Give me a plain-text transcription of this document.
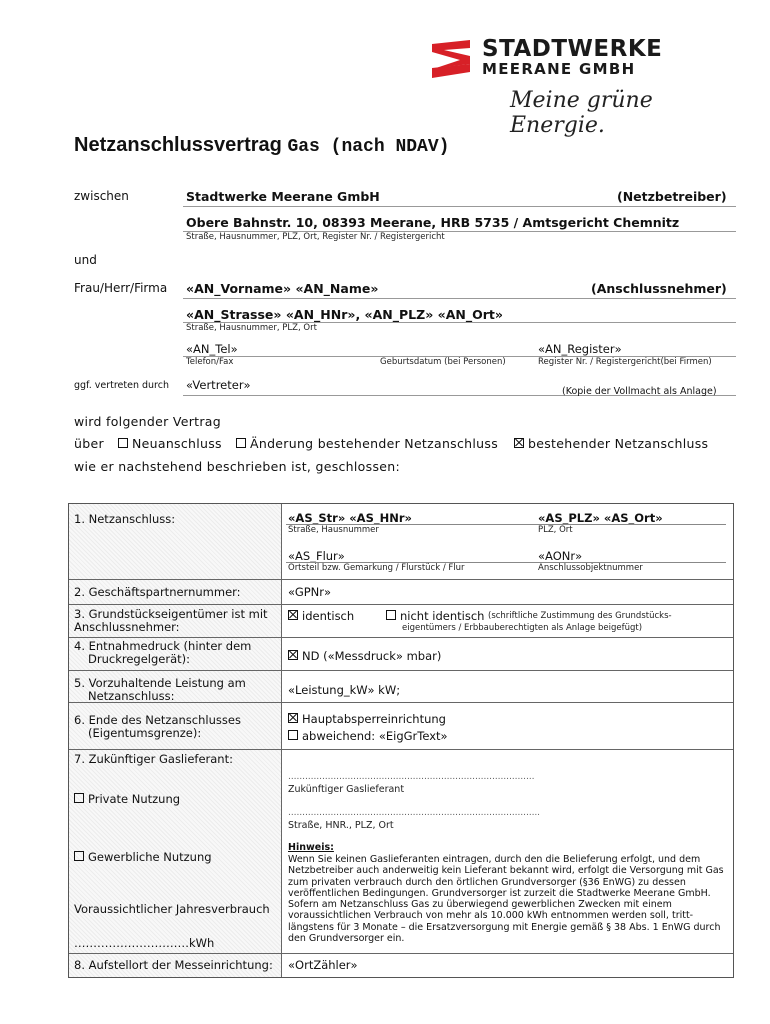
STADTWERKE
MEERANE GMBH
Meine grüne Energie.
Netzanschlussvertrag Gas (nach NDAV)
zwischen	Stadtwerke Meerane GmbH	(Netzbetreiber)
Obere Bahnstr. 10, 08393 Meerane, HRB 5735 / Amtsgericht Chemnitz
Straße, Hausnummer, PLZ, Ort, Register Nr. / Registergericht
und
Frau/Herr/Firma «AN_Vorname» «AN_Name»	(Anschlussnehmer)
«AN_Strasse» «AN_HNr», «AN_PLZ» «AN_Ort»
Straße, Hausnummer, PLZ, Ort
«AN_Tel»	«AN_Register»
Telefon/Fax	Geburtsdatum (bei Personen)	Register Nr. / Registergericht(bei Firmen)
ggf. vertreten durch «Vertreter»	(Kopie der Vollmacht als Anlage)
wird folgender Vertrag
über	Neuanschluss	Änderung bestehender Netzanschluss	bestehender Netzanschluss
wie er nachstehend beschrieben ist, geschlossen:
1. Netzanschluss:	«AS_Str» «AS_HNr»	«AS_PLZ» «AS_Ort»
Straße, Hausnummer	PLZ, Ort
«AS_Flur»	«AONr»
Ortsteil bzw. Gemarkung / Flurstück / Flur	Anschlussobjektnummer
2. Geschäftspartnernummer:	«GPNr»
3. Grundstückseigentümer ist mit
Anschlussnehmer:
identisch	nicht identisch (schriftliche Zustimmung des Grundstücks-
eigentümers / Erbbauberechtigten als Anlage beigefügt)
4. Entnahmedruck (hinter dem
Druckregelgerät):	ND («Messdruck» mbar)
5. Vorzuhaltende Leistung am
Netzanschluss:	«Leistung_kW» kW;
6. Ende des Netzanschlusses
(Eigentumsgrenze):
Hauptabsperreinrichtung
abweichend: «EigGrText»
7. Zukünftiger Gaslieferant:
Private Nutzung
Gewerbliche Nutzung
Voraussichtlicher Jahresverbrauch
…………………………kWh
……………………………………………………………………………
Zukünftiger Gaslieferant
……………………………………………………………………………..
Straße, HNR., PLZ, Ort
Hinweis:
Wenn Sie keinen Gaslieferanten eintragen, durch den die Belieferung erfolgt, und dem Netzbetreiber auch anderweitig kein Lieferant bekannt wird, erfolgt die Versorgung mit Gas zum privaten verbrauch durch den örtlichen Grundversorger (§36 EnWG) zu dessen veröffentlichen Bedingungen. Grundversorger ist zurzeit die Stadtwerke Meerane GmbH. Sofern am Netzanschluss Gas zu überwiegend gewerblichen Zwecken mit einem voraussichtlichen Verbrauch von mehr als 10.000 kWh entnommen werden soll, tritt- längstens für 3 Monate – die Ersatzversorgung mit Energie gemäß § 38 Abs. 1 EnWG durch den Grundversorger ein.
8. Aufstellort der Messeinrichtung: «OrtZähler»
